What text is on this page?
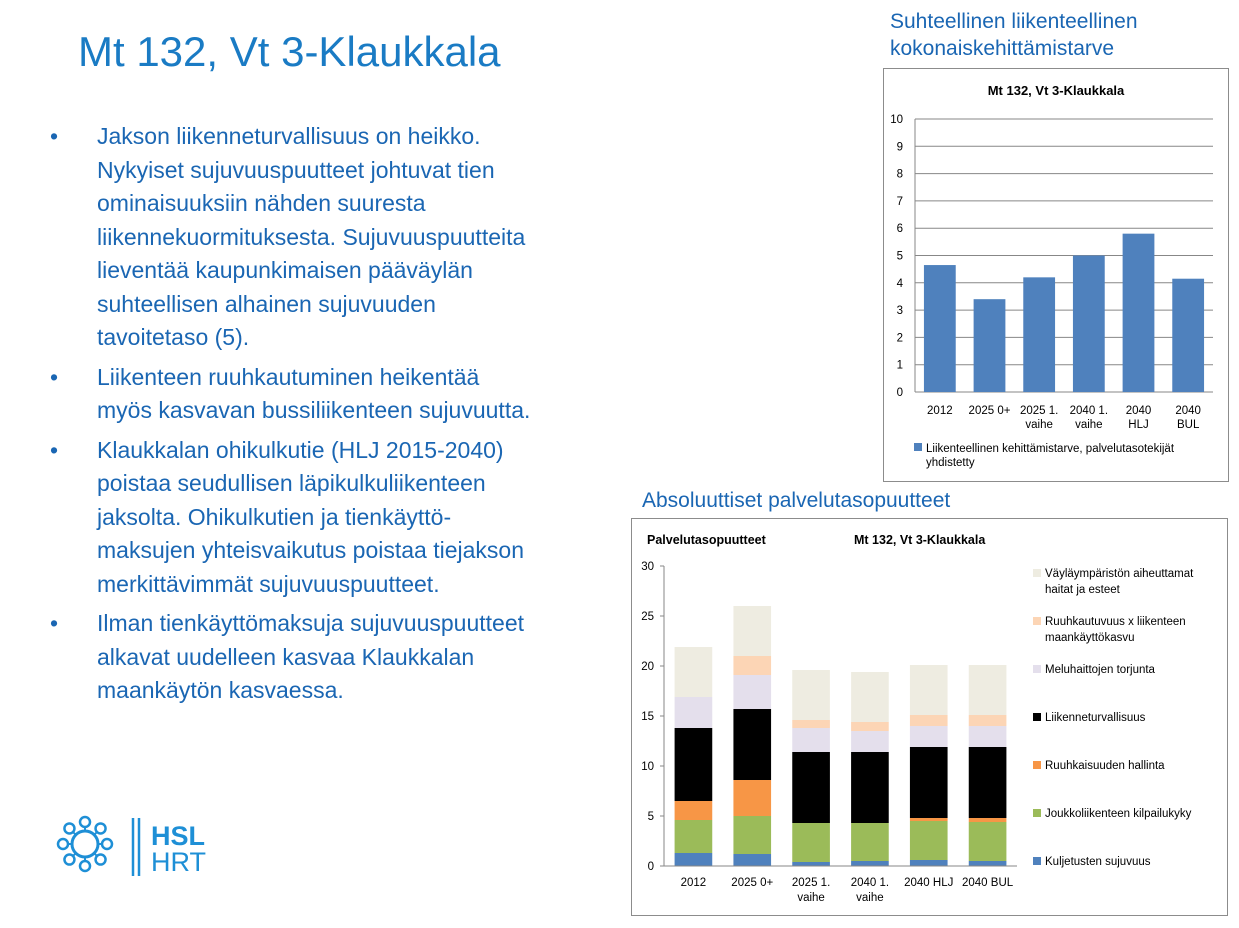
Mt 132, Vt 3-Klaukkala
• Jakson liikenneturvallisuus on heikko.
Nykyiset sujuvuuspuutteet johtuvat tien
ominaisuuksiin nähden suuresta
liikennekuormituksesta. Sujuvuuspuutteita
lieventää kaupunkimaisen pääväylän
suhteellisen alhainen sujuvuuden
tavoitetaso (5).
• Liikenteen ruuhkautuminen heikentää
myös kasvavan bussiliikenteen sujuvuutta.
• Klaukkalan ohikulkutie (HLJ 2015-2040)
poistaa seudullisen läpikulkuliikenteen
jaksolta. Ohikulkutien ja tienkäyttö-
maksujen yhteisvaikutus poistaa tiejakson
merkittävimmät sujuvuuspuutteet.
• Ilman tienkäyttömaksuja sujuvuuspuutteet
alkavat uudelleen kasvaa Klaukkalan
maankäytön kasvaessa.
Suhteellinen liikenteellinen
kokonaiskehittämistarve
Mt 132, Vt 3-Klaukkala
0
1
2
3
4
5
6
7
8
9
10
2012 2025 0+ 2025 1.
vaihe
2040 1.
vaihe
2040
HLJ
2040
BUL
Liikenteellinen kehittämistarve, palvelutasotekijät
yhdistetty
Absoluuttiset palvelutasopuutteet
Palvelutasopuutteet	Mt 132, Vt 3-Klaukkala
0
5
10
15
20
25
30
2012 2025 0+ 2025 1.
vaihe
2040 1.
vaihe
2040 HLJ 2040 BUL
Väyläympäristön aiheuttamat
haitat ja esteet
Ruuhkautuvuus x liikenteen
maankäyttökasvu
Meluhaittojen torjunta
Liikenneturvallisuus
Ruuhkaisuuden hallinta
Joukkoliikenteen kilpailukyky
Kuljetusten sujuvuus
HSL
HRT
